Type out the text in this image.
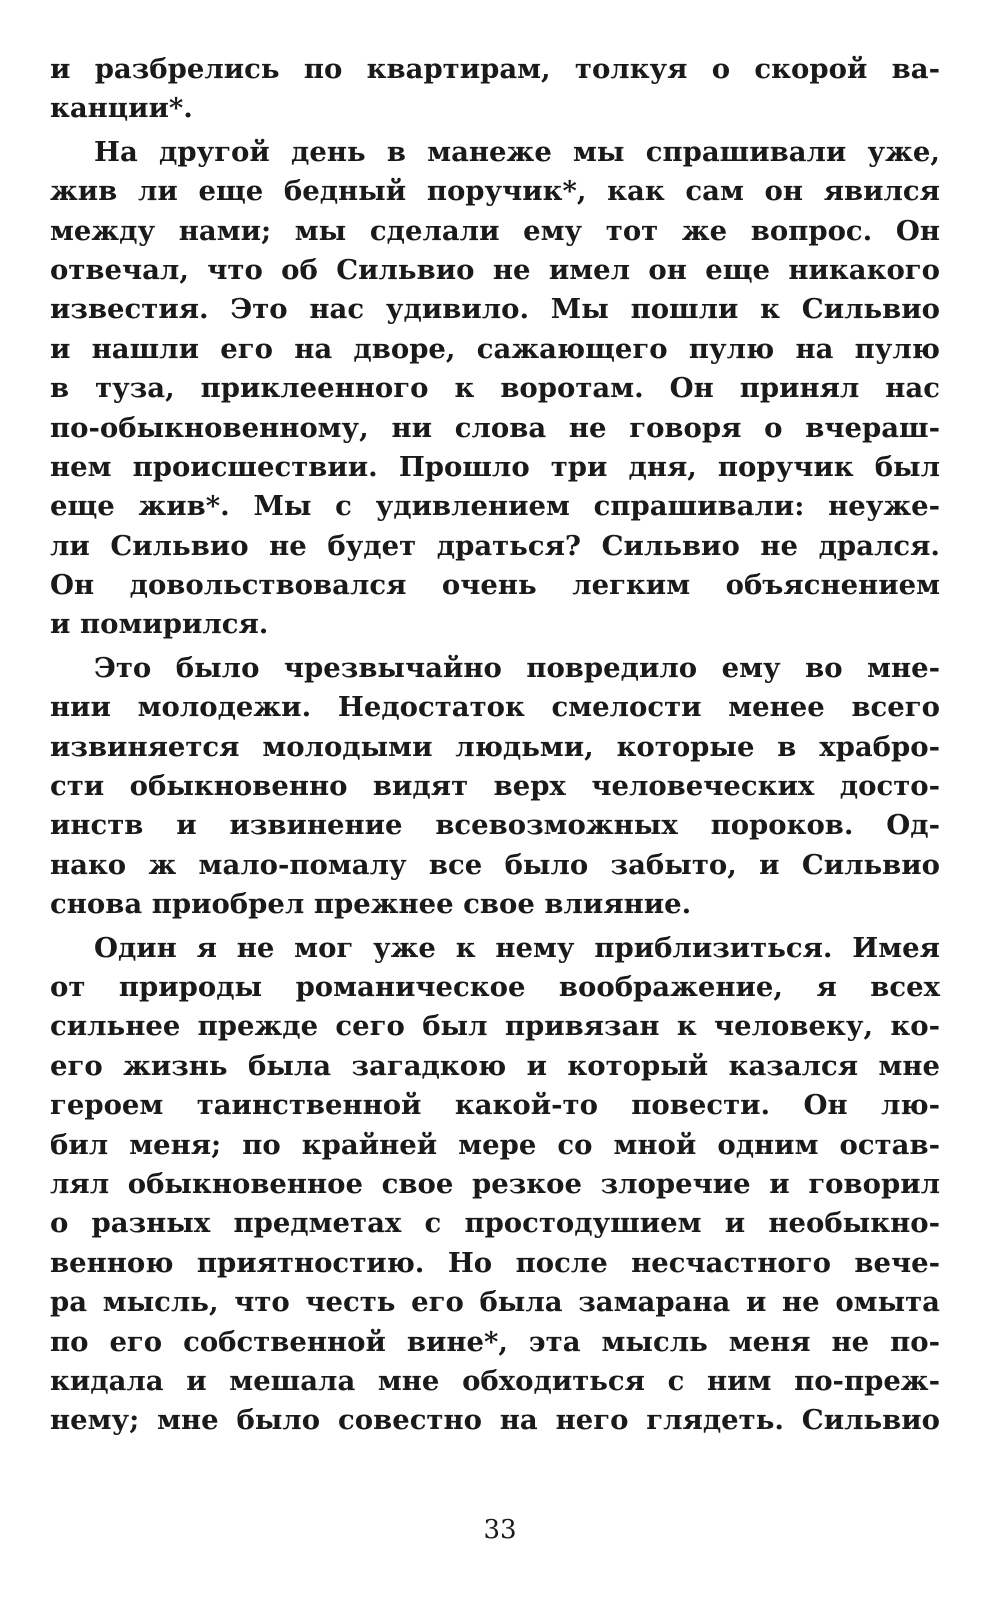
и разбрелись по квартирам, толкуя о скорой ва-
канции*.
На другой день в манеже мы спрашивали уже,
жив ли еще бедный поручик*, как сам он явился
между нами; мы сделали ему тот же вопрос. Он
отвечал, что об Сильвио не имел он еще никакого
известия. Это нас удивило. Мы пошли к Сильвио
и нашли его на дворе, сажающего пулю на пулю
в туза, приклеенного к воротам. Он принял нас
по-обыкновенному, ни слова не говоря о вчераш-
нем происшествии. Прошло три дня, поручик был
еще жив*. Мы с удивлением спрашивали: неуже-
ли Сильвио не будет драться? Сильвио не дрался.
Он довольствовался очень легким объяснением
и помирился.
Это было чрезвычайно повредило ему во мне-
нии молодежи. Недостаток смелости менее всего
извиняется молодыми людьми, которые в храбро-
сти обыкновенно видят верх человеческих досто-
инств и извинение всевозможных пороков. Од-
нако ж мало-помалу все было забыто, и Сильвио
снова приобрел прежнее свое влияние.
Один я не мог уже к нему приблизиться. Имея
от природы романическое воображение, я всех
сильнее прежде сего был привязан к человеку, ко-
его жизнь была загадкою и который казался мне
героем таинственной какой-то повести. Он лю-
бил меня; по крайней мере со мной одним остав-
лял обыкновенное свое резкое злоречие и говорил
о разных предметах с простодушием и необыкно-
венною приятностию. Но после несчастного вече-
ра мысль, что честь его была замарана и не омыта
по его собственной вине*, эта мысль меня не по-
кидала и мешала мне обходиться с ним по-преж-
нему; мне было совестно на него глядеть. Сильвио
33
